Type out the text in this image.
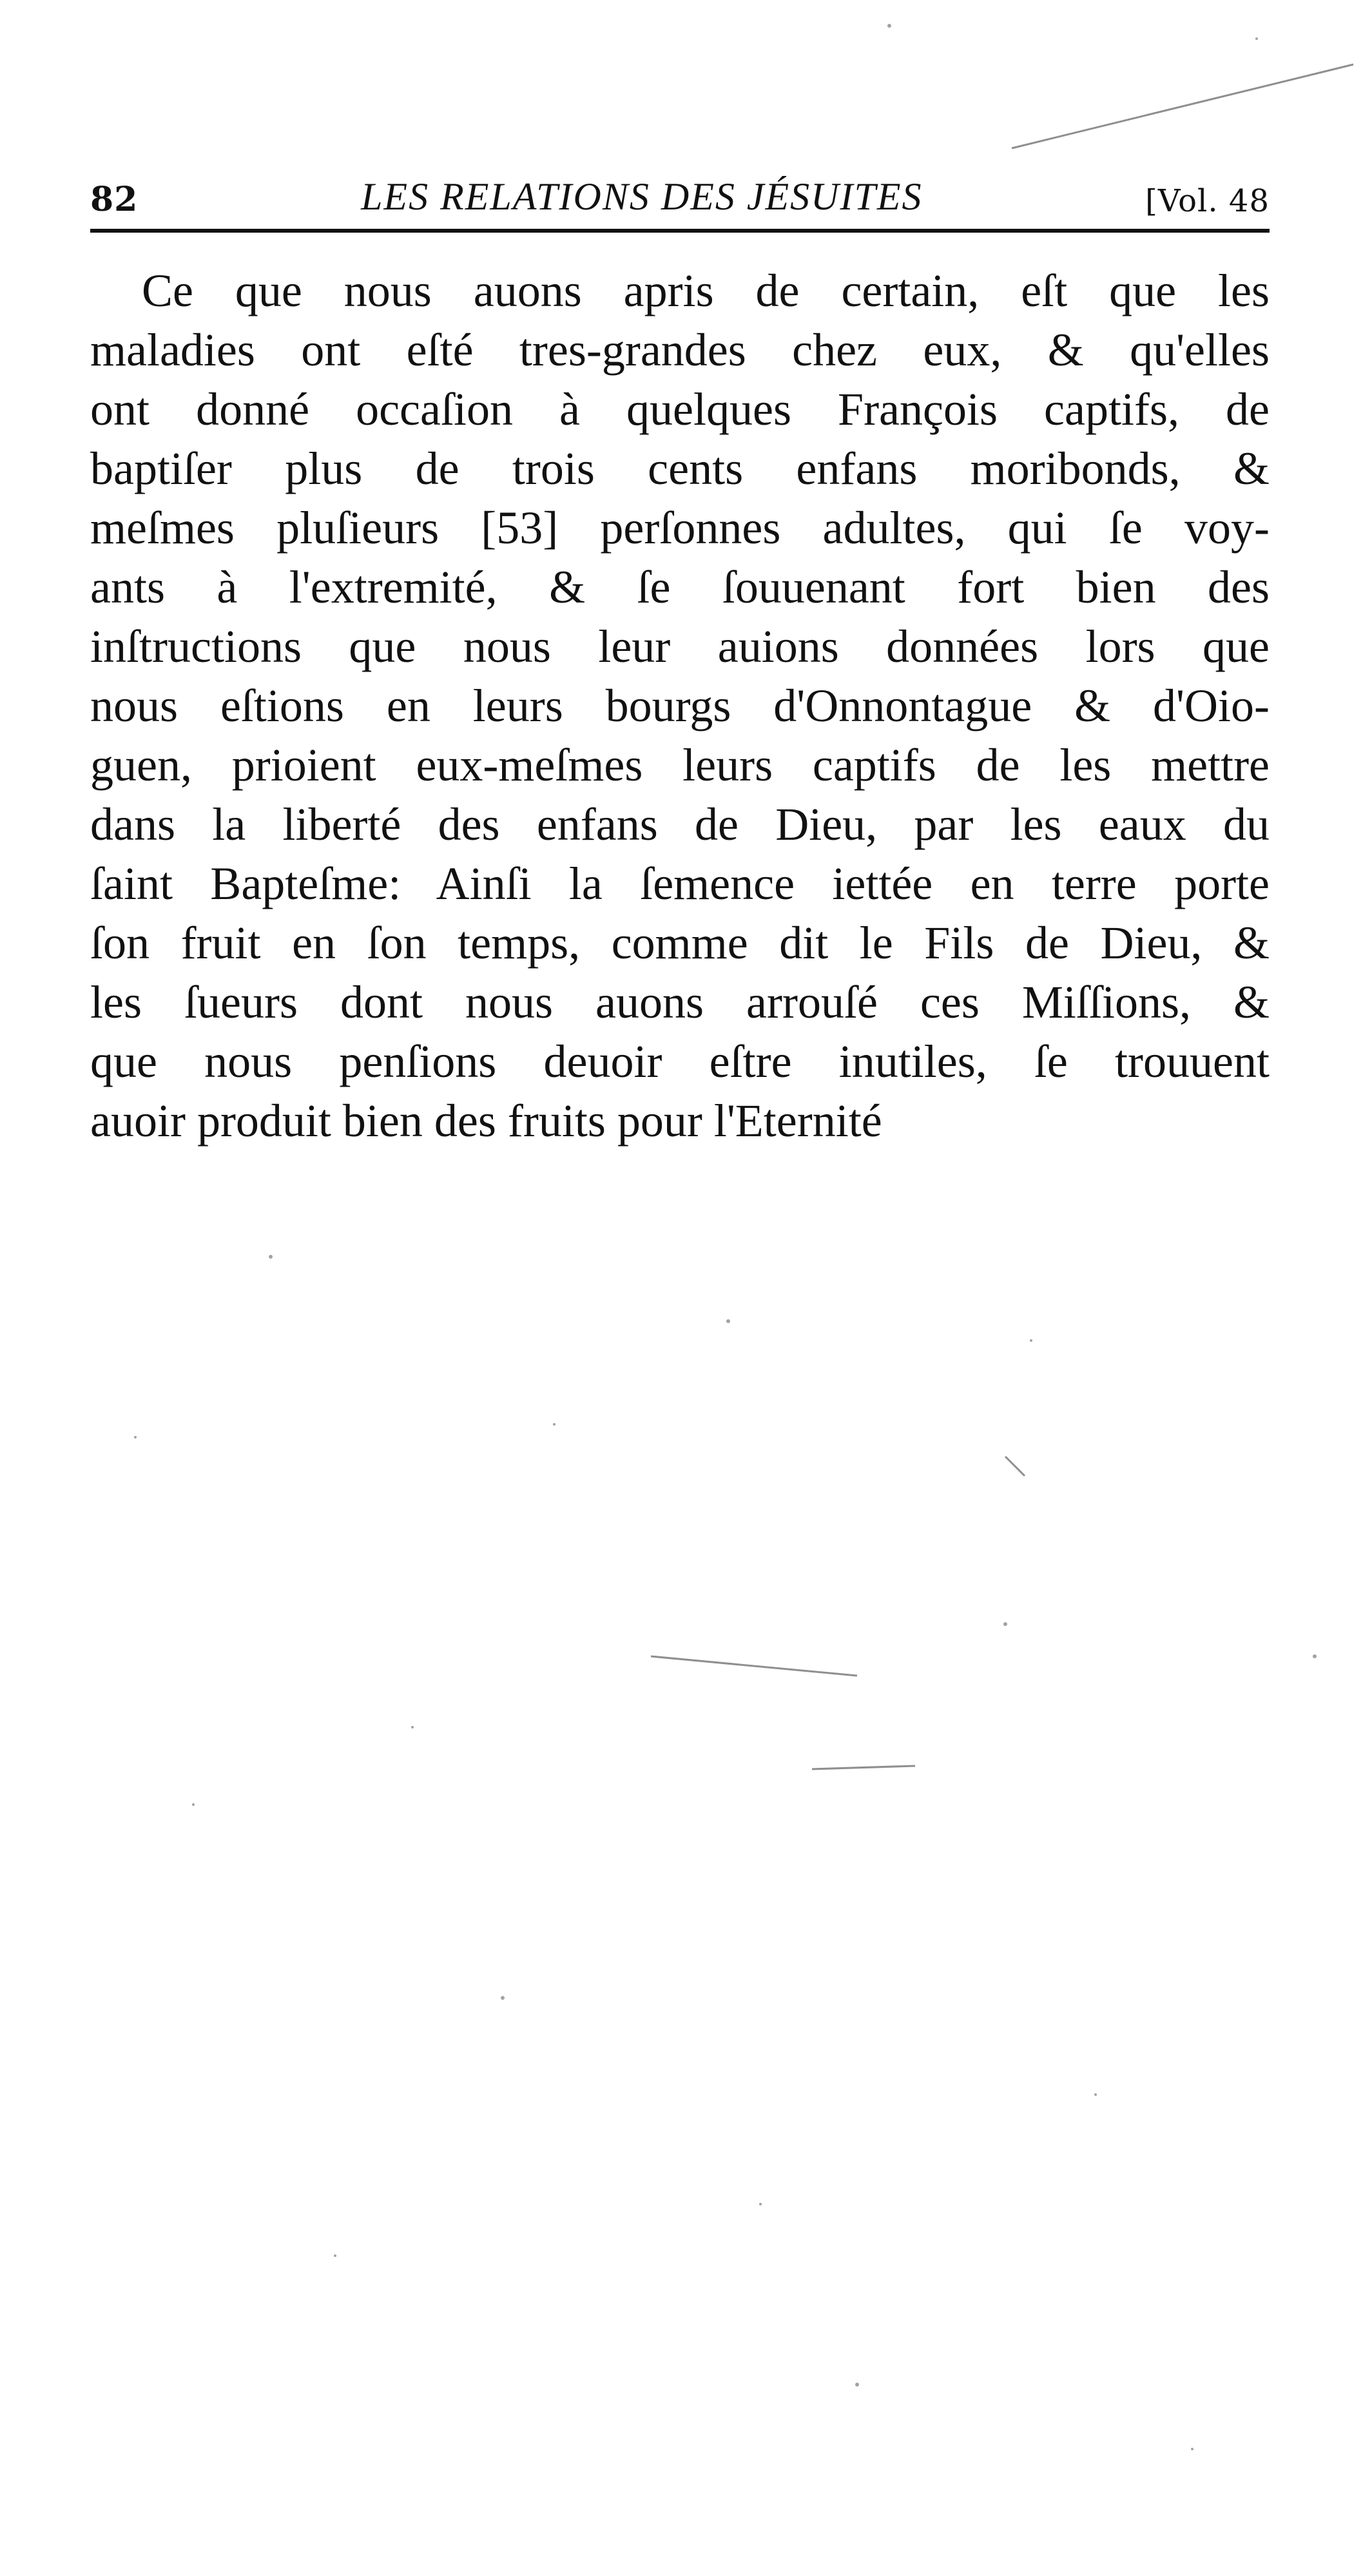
82	LES RELATIONS DES JÉSUITES	[Vol. 48

Ce que nous auons apris de certain, eſt que les
maladies ont eſté tres-grandes chez eux, & qu'elles
ont donné occaſion à quelques François captifs, de
baptiſer plus de trois cents enfans moribonds, &
meſmes pluſieurs [53] perſonnes adultes, qui ſe voy-
ants à l'extremité, & ſe ſouuenant fort bien des
inſtructions que nous leur auions données lors que
nous eſtions en leurs bourgs d'Onnontague & d'Oio-
guen, prioient eux-meſmes leurs captifs de les mettre
dans la liberté des enfans de Dieu, par les eaux du
ſaint Bapteſme: Ainſi la ſemence iettée en terre porte
ſon fruit en ſon temps, comme dit le Fils de Dieu, &
les ſueurs dont nous auons arrouſé ces Miſſions, &
que nous penſions deuoir eſtre inutiles, ſe trouuent
auoir produit bien des fruits pour l'Eternité
